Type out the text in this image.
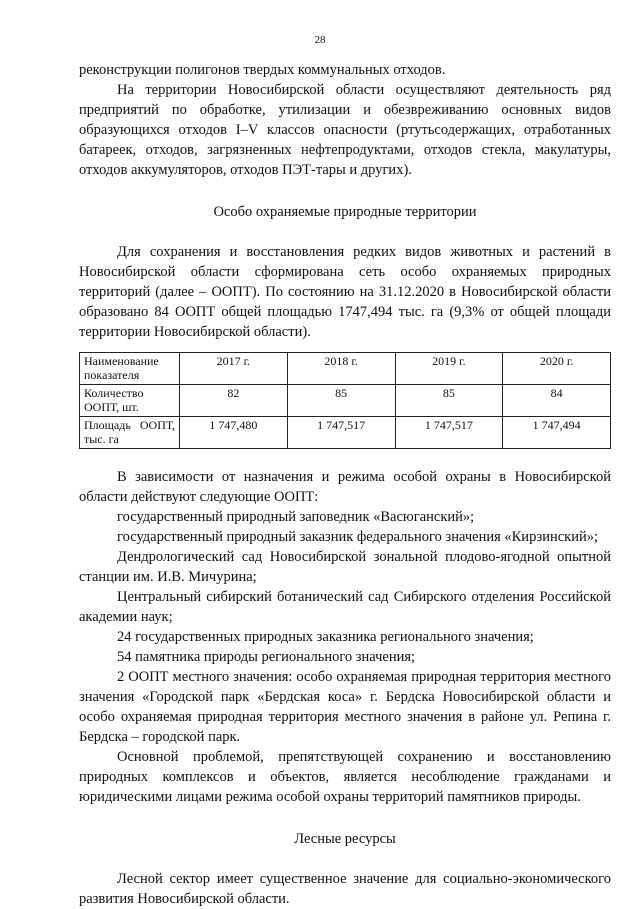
28

реконструкции полигонов твердых коммунальных отходов.

На территории Новосибирской области осуществляют деятельность ряд предприятий по обработке, утилизации и обезвреживанию основных видов образующихся отходов I–V классов опасности (ртутьсодержащих, отработанных батареек, отходов, загрязненных нефтепродуктами, отходов стекла, макулатуры, отходов аккумуляторов, отходов ПЭТ-тары и других).

Особо охраняемые природные территории

Для сохранения и восстановления редких видов животных и растений в Новосибирской области сформирована сеть особо охраняемых природных территорий (далее – ООПТ). По состоянию на 31.12.2020 в Новосибирской области образовано 84 ООПТ общей площадью 1747,494 тыс. га (9,3% от общей площади территории Новосибирской области).

Наименование показателя	2017 г.	2018 г.	2019 г.	2020 г.
Количество ООПТ, шт.	82	85	85	84
Площадь ООПТ, тыс. га	1 747,480	1 747,517	1 747,517	1 747,494

В зависимости от назначения и режима особой охраны в Новосибирской области действуют следующие ООПТ:

государственный природный заповедник «Васюганский»;

государственный природный заказник федерального значения «Кирзинский»;

Дендрологический сад Новосибирской зональной плодово-ягодной опытной станции им. И.В. Мичурина;

Центральный сибирский ботанический сад Сибирского отделения Российской академии наук;

24 государственных природных заказника регионального значения;

54 памятника природы регионального значения;

2 ООПТ местного значения: особо охраняемая природная территория местного значения «Городской парк «Бердская коса» г. Бердска Новосибирской области и особо охраняемая природная территория местного значения в районе ул. Репина г. Бердска – городской парк.

Основной проблемой, препятствующей сохранению и восстановлению природных комплексов и объектов, является несоблюдение гражданами и юридическими лицами режима особой охраны территорий памятников природы.

Лесные ресурсы

Лесной сектор имеет существенное значение для социально-экономического развития Новосибирской области.
